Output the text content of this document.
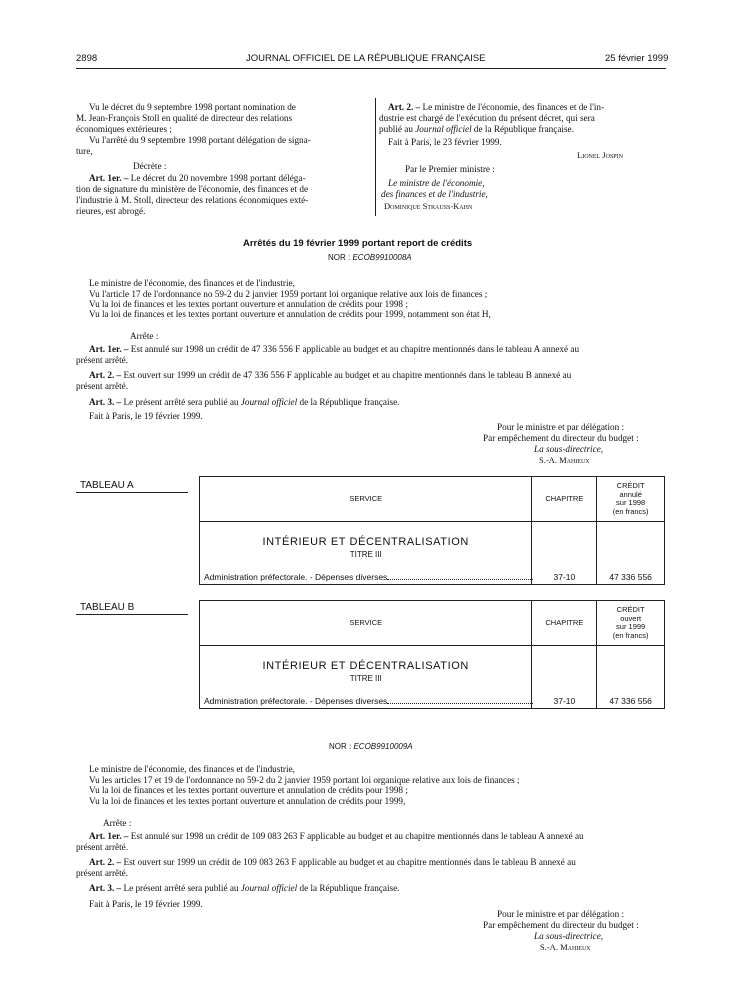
2898	JOURNAL OFFICIEL DE LA RÉPUBLIQUE FRANÇAISE	25 février 1999
Vu le décret du 9 septembre 1998 portant nomination de
M. Jean-François Stoll en qualité de directeur des relations
économiques extérieures ;
Vu l'arrêté du 9 septembre 1998 portant délégation de signa-
ture,
Décrète :
Art. 1er. – Le décret du 20 novembre 1998 portant déléga-
tion de signature du ministère de l'économie, des finances et de
l'industrie à M. Stoll, directeur des relations économiques exté-
rieures, est abrogé.
Art. 2. – Le ministre de l'économie, des finances et de l'in-
dustrie est chargé de l'exécution du présent décret, qui sera
publié au Journal officiel de la République française.
Fait à Paris, le 23 février 1999.
Lionel Jospin
Par le Premier ministre :
Le ministre de l'économie,
des finances et de l'industrie,
Dominique Strauss-Kahn
Arrêtés du 19 février 1999 portant report de crédits
NOR : ECOB9910008A
Le ministre de l'économie, des finances et de l'industrie,
Vu l'article 17 de l'ordonnance no 59-2 du 2 janvier 1959 portant loi organique relative aux lois de finances ;
Vu la loi de finances et les textes portant ouverture et annulation de crédits pour 1998 ;
Vu la loi de finances et les textes portant ouverture et annulation de crédits pour 1999, notamment son état H,
Arrête :
Art. 1er. – Est annulé sur 1998 un crédit de 47 336 556 F applicable au budget et au chapitre mentionnés dans le tableau A annexé au
présent arrêté.
Art. 2. – Est ouvert sur 1999 un crédit de 47 336 556 F applicable au budget et au chapitre mentionnés dans le tableau B annexé au
présent arrêté.
Art. 3. – Le présent arrêté sera publié au Journal officiel de la République française.
Fait à Paris, le 19 février 1999.
Pour le ministre et par délégation :
Par empêchement du directeur du budget :
La sous-directrice,
S.-A. Mahieux
TABLEAU A
SERVICE	CHAPITRE	CRÉDIT
annulé
sur 1998
(en francs)

INTÉRIEUR ET DÉCENTRALISATION
TITRE III
Administration préfectorale. - Dépenses diverses	37-10	47 336 556
TABLEAU B
SERVICE	CHAPITRE	CRÉDIT
ouvert
sur 1999
(en francs)

INTÉRIEUR ET DÉCENTRALISATION
TITRE III
Administration préfectorale. - Dépenses diverses	37-10	47 336 556
NOR : ECOB9910009A
Le ministre de l'économie, des finances et de l'industrie,
Vu les articles 17 et 19 de l'ordonnance no 59-2 du 2 janvier 1959 portant loi organique relative aux lois de finances ;
Vu la loi de finances et les textes portant ouverture et annulation de crédits pour 1998 ;
Vu la loi de finances et les textes portant ouverture et annulation de crédits pour 1999,
Arrête :
Art. 1er. – Est annulé sur 1998 un crédit de 109 083 263 F applicable au budget et au chapitre mentionnés dans le tableau A annexé au
présent arrêté.
Art. 2. – Est ouvert sur 1999 un crédit de 109 083 263 F applicable au budget et au chapitre mentionnés dans le tableau B annexé au
présent arrêté.
Art. 3. – Le présent arrêté sera publié au Journal officiel de la République française.
Fait à Paris, le 19 février 1999.
Pour le ministre et par délégation :
Par empêchement du directeur du budget :
La sous-directrice,
S.-A. Mahieux
